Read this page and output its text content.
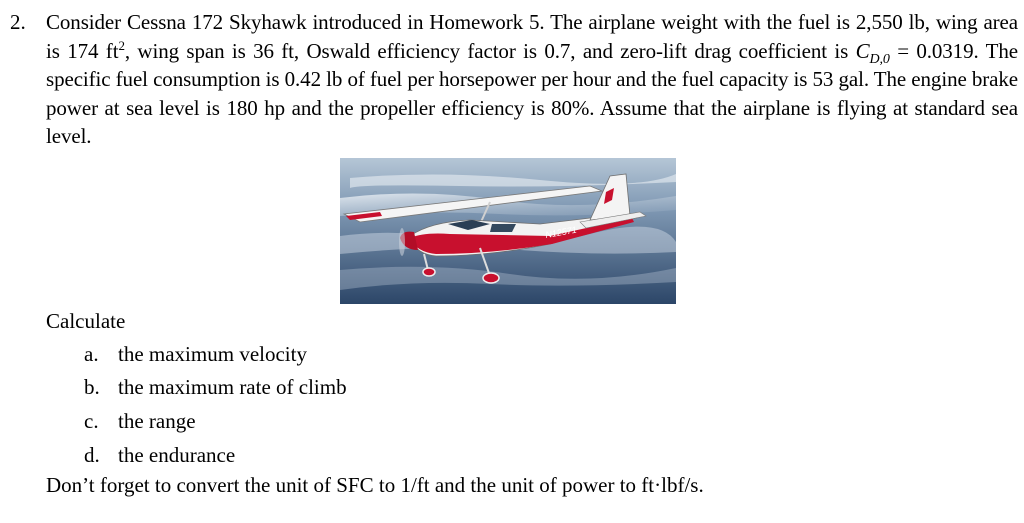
2. Consider Cessna 172 Skyhawk introduced in Homework 5. The airplane weight with the fuel is 2,550 lb, wing area is 174 $ft^2$, wing span is 36 ft, Oswald efficiency factor is 0.7, and zero-lift drag coefficient is $C_{D,0} = 0.0319$. The specific fuel consumption is 0.42 lb of fuel per horsepower per hour and the fuel capacity is 53 gal. The engine brake power at sea level is 180 hp and the propeller efficiency is 80%. Assume that the airplane is flying at standard sea level.
N12571
Calculate
a. the maximum velocity
b. the maximum rate of climb
c. the range
d. the endurance
Don’t forget to convert the unit of SFC to 1/ft and the unit of power to ft·lbf/s.
